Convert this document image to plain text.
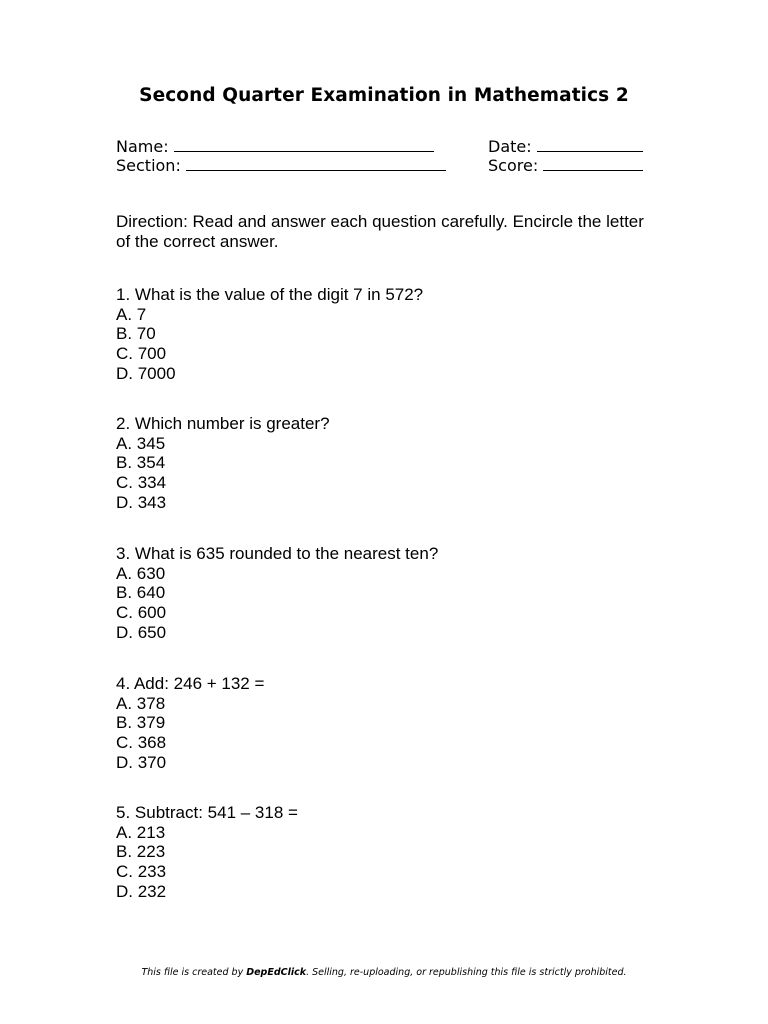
Second Quarter Examination in Mathematics 2
Name:	Date:
Section:	Score:
Direction: Read and answer each question carefully. Encircle the letter of the correct answer.
1. What is the value of the digit 7 in 572?
A. 7
B. 70
C. 700
D. 7000
2. Which number is greater?
A. 345
B. 354
C. 334
D. 343
3. What is 635 rounded to the nearest ten?
A. 630
B. 640
C. 600
D. 650
4. Add: 246 + 132 =
A. 378
B. 379
C. 368
D. 370
5. Subtract: 541 – 318 =
A. 213
B. 223
C. 233
D. 232
This file is created by DepEdClick. Selling, re-uploading, or republishing this file is strictly prohibited.
